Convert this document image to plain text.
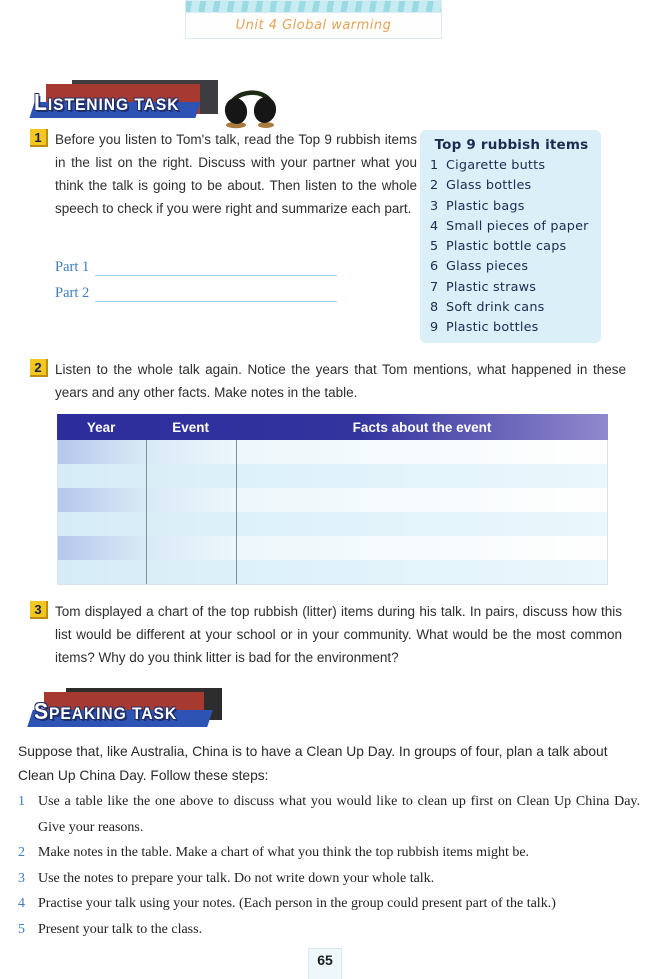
Unit 4 Global warming
LISTENING TASK
1 Before you listen to Tom's talk, read the Top 9 rubbish items in the list on the right. Discuss with your partner what you think the talk is going to be about. Then listen to the whole speech to check if you were right and summarize each part.
Part 1
Part 2
Top 9 rubbish items
1 Cigarette butts
2 Glass bottles
3 Plastic bags
4 Small pieces of paper
5 Plastic bottle caps
6 Glass pieces
7 Plastic straws
8 Soft drink cans
9 Plastic bottles
2 Listen to the whole talk again. Notice the years that Tom mentions, what happened in these years and any other facts. Make notes in the table.
Year	Event	Facts about the event
3 Tom displayed a chart of the top rubbish (litter) items during his talk. In pairs, discuss how this list would be different at your school or in your community. What would be the most common items? Why do you think litter is bad for the environment?
SPEAKING TASK
Suppose that, like Australia, China is to have a Clean Up Day. In groups of four, plan a talk about Clean Up China Day. Follow these steps:
1 Use a table like the one above to discuss what you would like to clean up first on Clean Up China Day. Give your reasons.
2 Make notes in the table. Make a chart of what you think the top rubbish items might be.
3 Use the notes to prepare your talk. Do not write down your whole talk.
4 Practise your talk using your notes. (Each person in the group could present part of the talk.)
5 Present your talk to the class.
65
